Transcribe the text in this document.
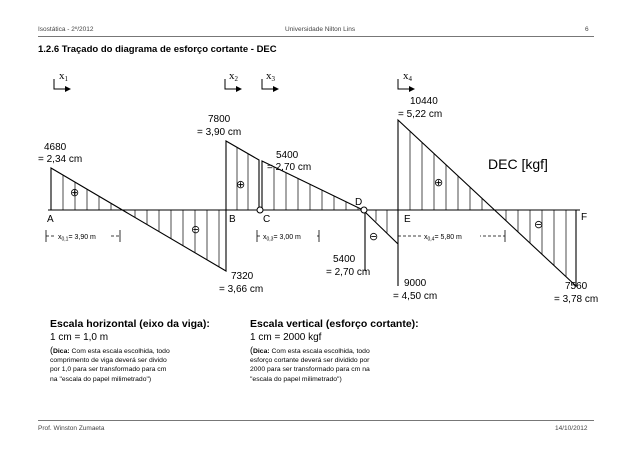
Isostática - 2º/2012	Universidade Nilton Lins	6
1.2.6 Traçado do diagrama de esforço cortante - DEC
x1	x2	x3	x4
A	B	C
D
E	F
⊕
⊖
⊕
⊖
⊕
⊖
4680
= 2,34 cm
7800
= 3,90 cm
5400
= 2,70 cm
10440
= 5,22 cm
7320
= 3,66 cm
5400
= 2,70 cm
9000
= 4,50 cm
7560
= 3,78 cm
DEC [kgf]
$x_{0,1}= 3,90$ m	$x_{0,3}= 3,00$ m	$x_{0,4}= 5,80$ m
Escala horizontal (eixo da viga):
1 cm = 1,0 m
(Dica: Com esta escala escolhida, todo
comprimento de viga deverá ser divido
por 1,0 para ser transformado para cm
na "escala do papel milimetrado")
Escala vertical (esforço cortante):
1 cm = 2000 kgf
(Dica: Com esta escala escolhida, todo
esforço cortante deverá ser dividido por
2000 para ser transformado para cm na
"escala do papel milimetrado")
Prof. Winston Zumaeta	14/10/2012
